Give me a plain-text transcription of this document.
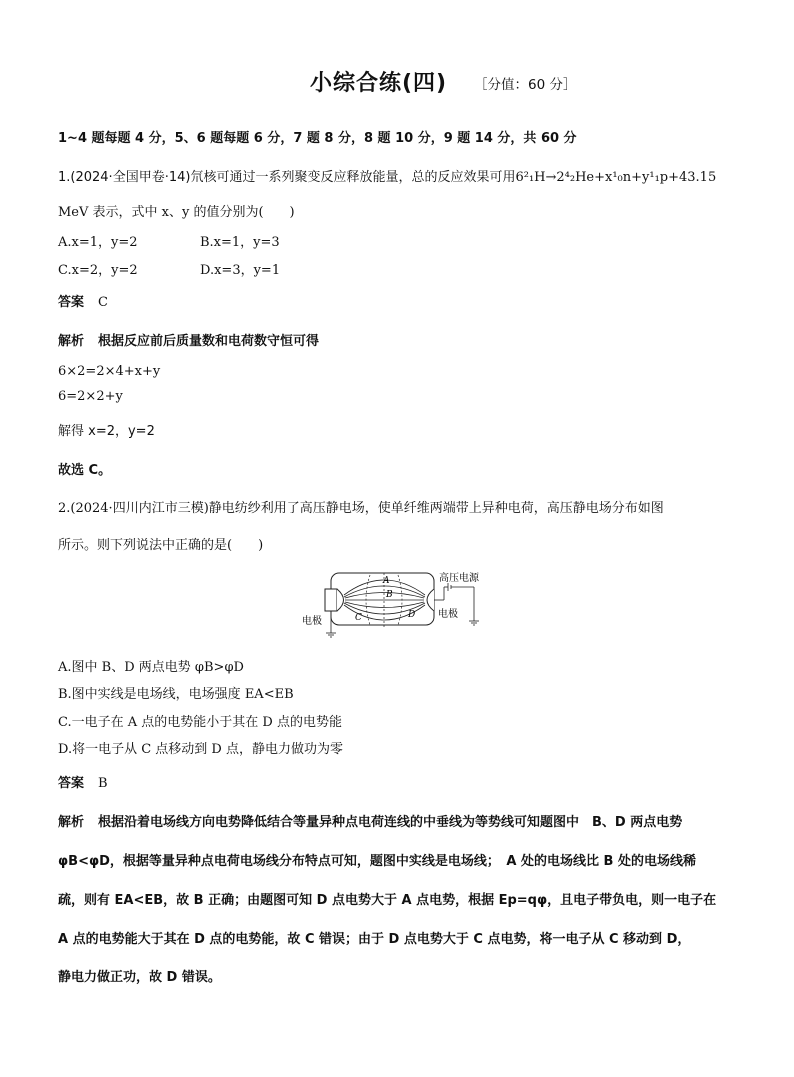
小综合练(四) ［分值：60 分］
1~4 题每题 4 分，5、6 题每题 6 分，7 题 8 分，8 题 10 分，9 题 14 分，共 60 分
1.(2024·全国甲卷·14)氘核可通过一系列聚变反应释放能量，总的反应效果可用6²₁H→2⁴₂He+x¹₀n+y¹₁p+43.15
MeV 表示，式中 x、y 的值分别为(　　)
A.x=1，y=2	B.x=1，y=3
C.x=2，y=2	D.x=3，y=1
答案 C
解析 根据反应前后质量数和电荷数守恒可得
6×2=2×4+x+y
6=2×2+y
解得 x=2，y=2
故选 C。
2.(2024·四川内江市三模)静电纺纱利用了高压静电场，使单纤维两端带上异种电荷，高压静电场分布如图
所示。则下列说法中正确的是(　　)
A
B
C	D
高压电源
电极
电极
A.图中 B、D 两点电势 φB>φD
B.图中实线是电场线，电场强度 EA<EB
C.一电子在 A 点的电势能小于其在 D 点的电势能
D.将一电子从 C 点移动到 D 点，静电力做功为零
答案 B
解析 根据沿着电场线方向电势降低结合等量异种点电荷连线的中垂线为等势线可知题图中　B、D 两点电势
φB<φD，根据等量异种点电荷电场线分布特点可知，题图中实线是电场线；　A 处的电场线比 B 处的电场线稀
疏，则有 EA<EB，故 B 正确；由题图可知 D 点电势大于 A 点电势，根据 Ep=qφ，且电子带负电，则一电子在
A 点的电势能大于其在 D 点的电势能，故 C 错误；由于 D 点电势大于 C 点电势，将一电子从 C 移动到 D，
静电力做正功，故 D 错误。
